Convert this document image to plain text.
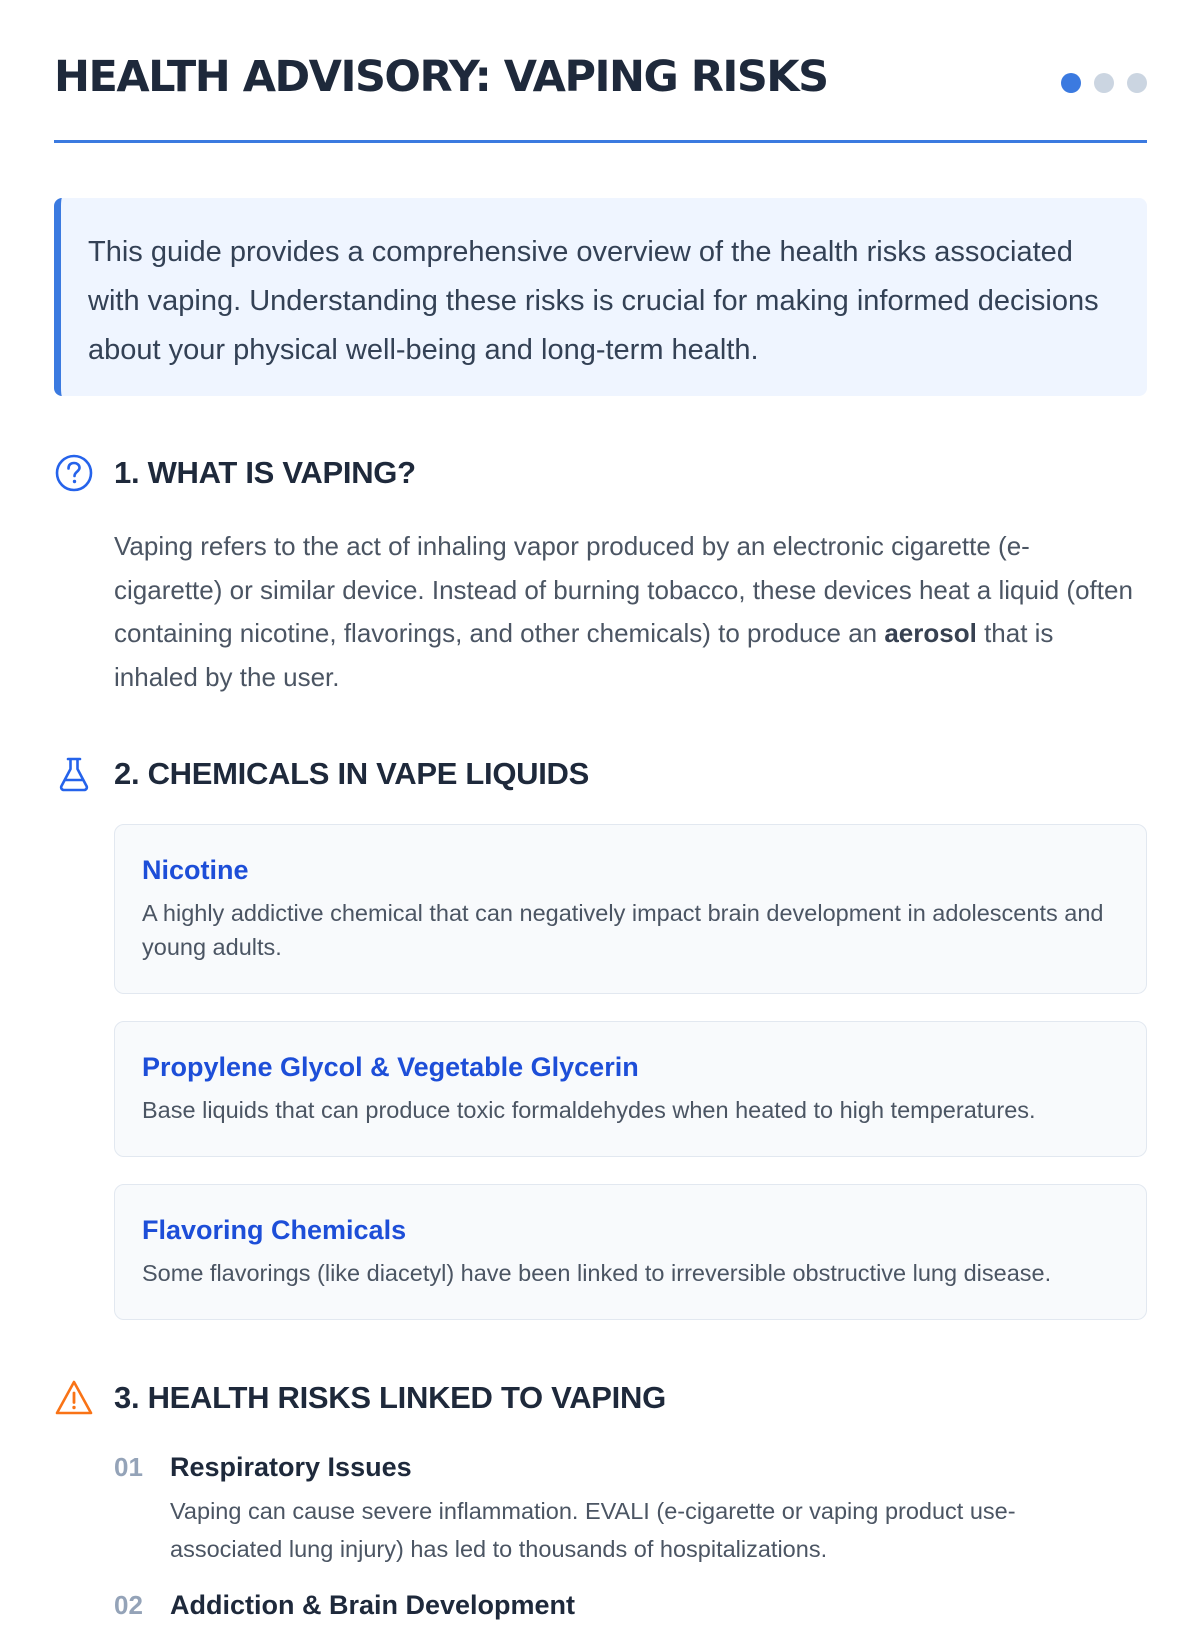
HEALTH ADVISORY: VAPING RISKS
This guide provides a comprehensive overview of the health risks associated with vaping. Understanding these risks is crucial for making informed decisions about your physical well-being and long-term health.
1. WHAT IS VAPING?

Vaping refers to the act of inhaling vapor produced by an electronic cigarette (e-cigarette) or similar device. Instead of burning tobacco, these devices heat a liquid (often containing nicotine, flavorings, and other chemicals) to produce an aerosol that is inhaled by the user.

2. CHEMICALS IN VAPE LIQUIDS
Nicotine

A highly addictive chemical that can negatively impact brain development in adolescents and young adults.

Propylene Glycol & Vegetable Glycerin

Base liquids that can produce toxic formaldehydes when heated to high temperatures.

Flavoring Chemicals

Some flavorings (like diacetyl) have been linked to irreversible obstructive lung disease.

3. HEALTH RISKS LINKED TO VAPING
01 Respiratory Issues

Vaping can cause severe inflammation. EVALI (e-cigarette or vaping product use-associated lung injury) has led to thousands of hospitalizations.

02 Addiction & Brain Development
